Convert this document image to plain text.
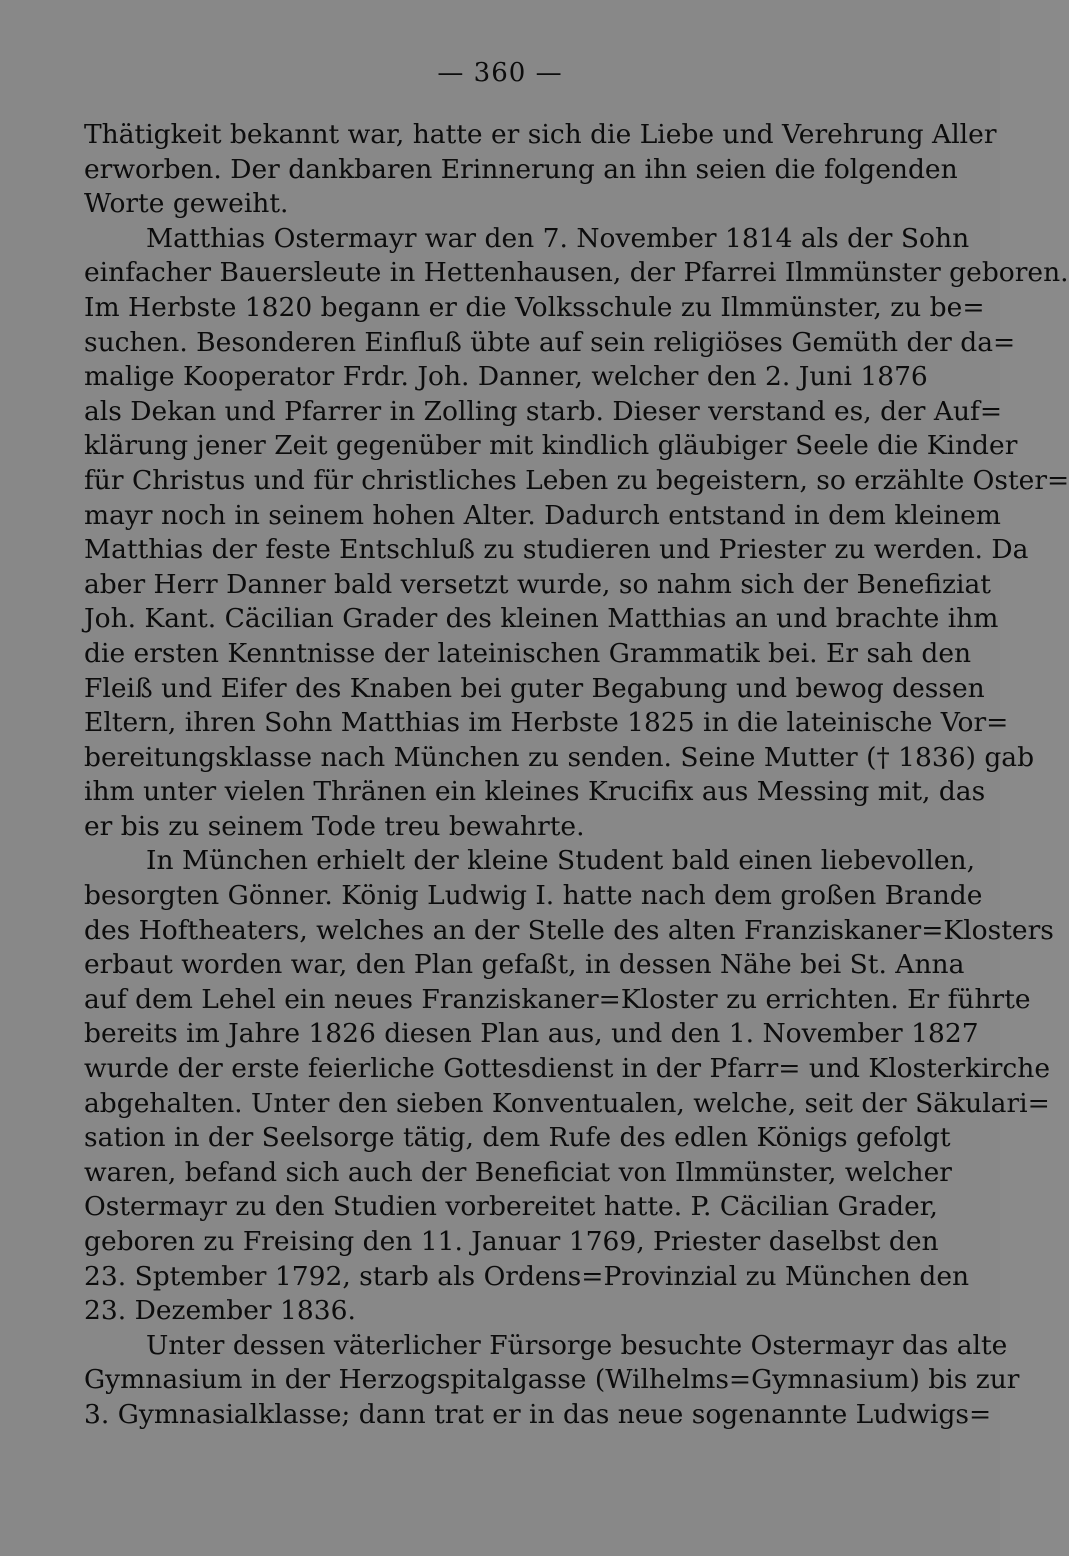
— 360 —
Thätigkeit bekannt war, hatte er sich die Liebe und Verehrung Aller
erworben. Der dankbaren Erinnerung an ihn seien die folgenden
Worte geweiht.
Matthias Ostermayr war den 7. November 1814 als der Sohn
einfacher Bauersleute in Hettenhausen, der Pfarrei Ilmmünster geboren.
Im Herbste 1820 begann er die Volksschule zu Ilmmünster, zu be=
suchen. Besonderen Einfluß übte auf sein religiöses Gemüth der da=
malige Kooperator Frdr. Joh. Danner, welcher den 2. Juni 1876
als Dekan und Pfarrer in Zolling starb. Dieser verstand es, der Auf=
klärung jener Zeit gegenüber mit kindlich gläubiger Seele die Kinder
für Christus und für christliches Leben zu begeistern, so erzählte Oster=
mayr noch in seinem hohen Alter. Dadurch entstand in dem kleinem
Matthias der feste Entschluß zu studieren und Priester zu werden. Da
aber Herr Danner bald versetzt wurde, so nahm sich der Benefiziat
Joh. Kant. Cäcilian Grader des kleinen Matthias an und brachte ihm
die ersten Kenntnisse der lateinischen Grammatik bei. Er sah den
Fleiß und Eifer des Knaben bei guter Begabung und bewog dessen
Eltern, ihren Sohn Matthias im Herbste 1825 in die lateinische Vor=
bereitungsklasse nach München zu senden. Seine Mutter († 1836) gab
ihm unter vielen Thränen ein kleines Krucifix aus Messing mit, das
er bis zu seinem Tode treu bewahrte.
In München erhielt der kleine Student bald einen liebevollen,
besorgten Gönner. König Ludwig I. hatte nach dem großen Brande
des Hoftheaters, welches an der Stelle des alten Franziskaner=Klosters
erbaut worden war, den Plan gefaßt, in dessen Nähe bei St. Anna
auf dem Lehel ein neues Franziskaner=Kloster zu errichten. Er führte
bereits im Jahre 1826 diesen Plan aus, und den 1. November 1827
wurde der erste feierliche Gottesdienst in der Pfarr= und Klosterkirche
abgehalten. Unter den sieben Konventualen, welche, seit der Säkulari=
sation in der Seelsorge tätig, dem Rufe des edlen Königs gefolgt
waren, befand sich auch der Beneficiat von Ilmmünster, welcher
Ostermayr zu den Studien vorbereitet hatte. P. Cäcilian Grader,
geboren zu Freising den 11. Januar 1769, Priester daselbst den
23. Sptember 1792, starb als Ordens=Provinzial zu München den
23. Dezember 1836.
Unter dessen väterlicher Fürsorge besuchte Ostermayr das alte
Gymnasium in der Herzogspitalgasse (Wilhelms=Gymnasium) bis zur
3. Gymnasialklasse; dann trat er in das neue sogenannte Ludwigs=
